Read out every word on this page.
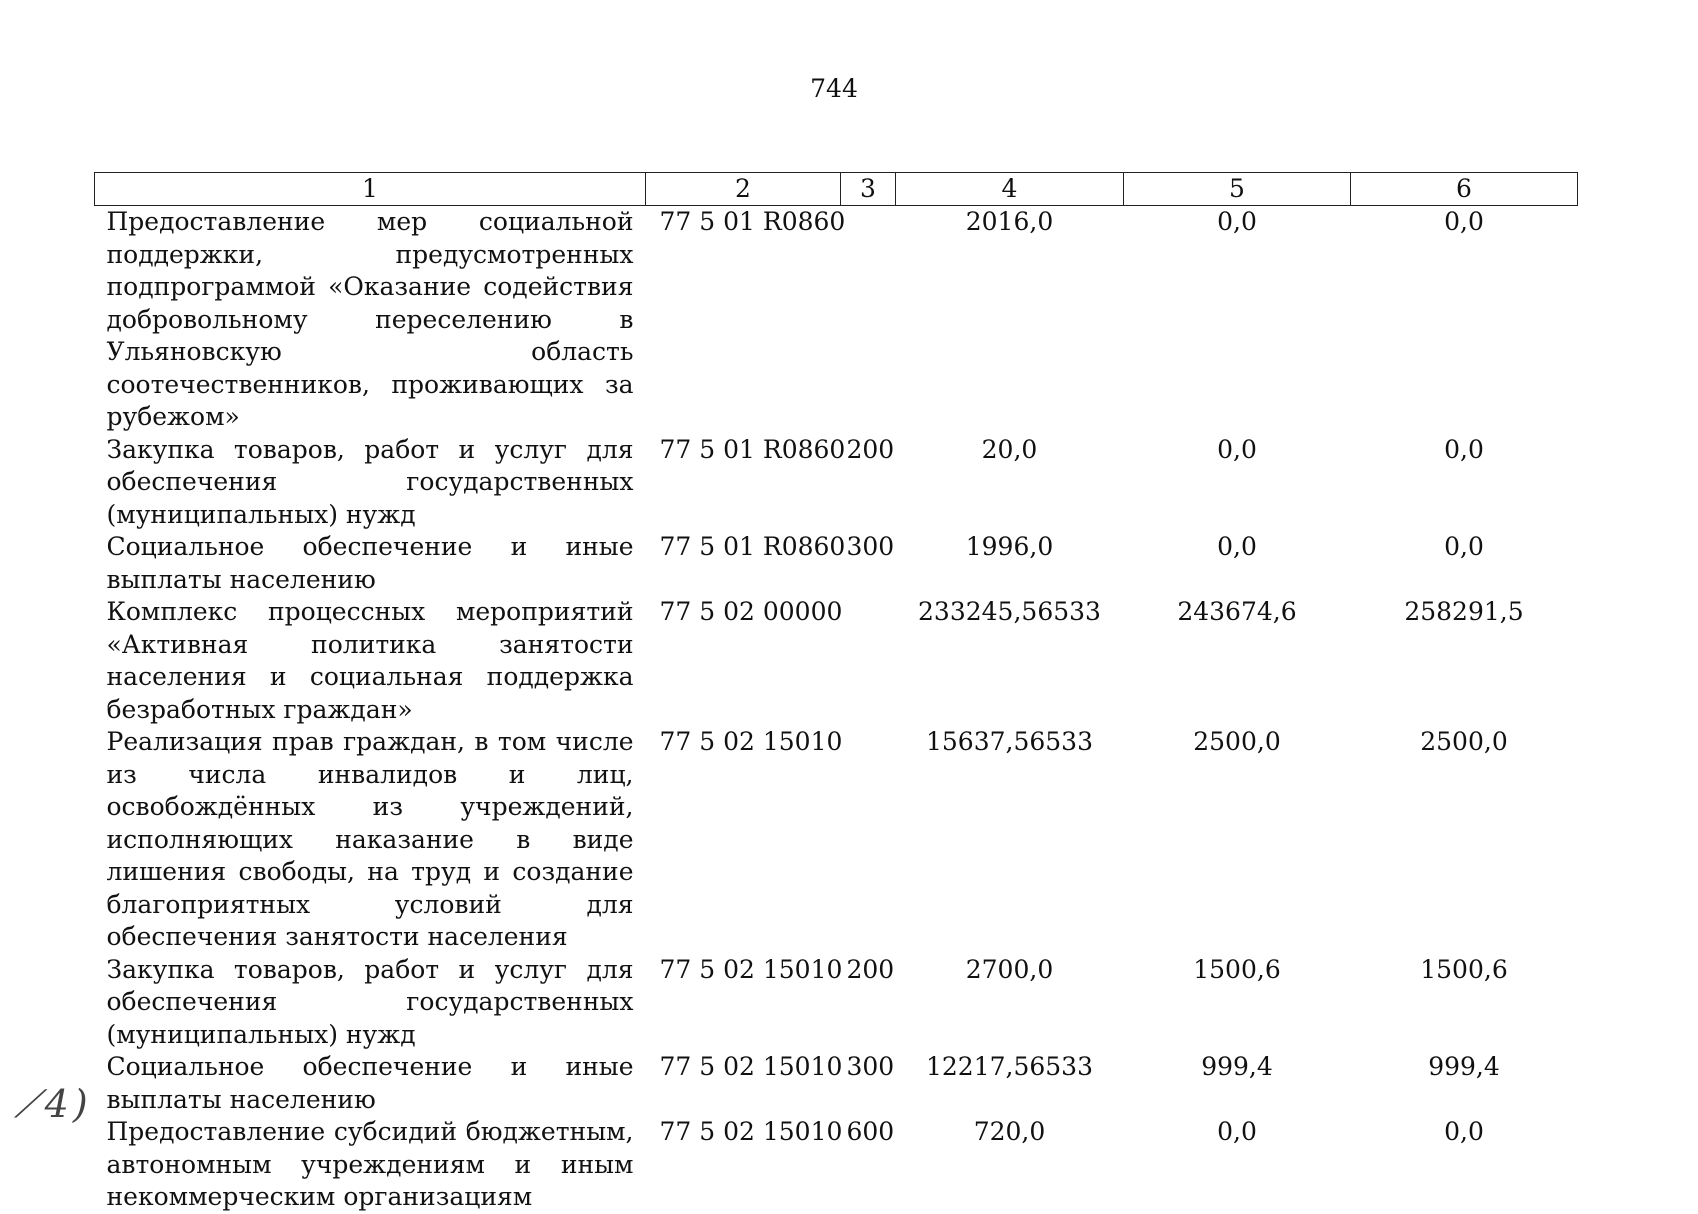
744
1	2	3	4	5	6
Предоставление мер социальной поддержки, предусмотренных подпрограммой «Оказание содействия добровольному переселению в Ульяновскую область соотечественников, проживающих за рубежом»	77 5 01 R0860		2016,0	0,0	0,0
Закупка товаров, работ и услуг для обеспечения государственных (муниципальных) нужд	77 5 01 R0860	200	20,0	0,0	0,0
Социальное обеспечение и иные выплаты населению	77 5 01 R0860	300	1996,0	0,0	0,0
Комплекс процессных мероприятий «Активная политика занятости населения и социальная поддержка безработных граждан»	77 5 02 00000		233245,56533	243674,6	258291,5
Реализация прав граждан, в том числе из числа инвалидов и лиц, освобождённых из учреждений, исполняющих наказание в виде лишения свободы, на труд и создание благоприятных условий для обеспечения занятости населения	77 5 02 15010		15637,56533	2500,0	2500,0
Закупка товаров, работ и услуг для обеспечения государственных (муниципальных) нужд	77 5 02 15010	200	2700,0	1500,6	1500,6
Социальное обеспечение и иные выплаты населению	77 5 02 15010	300	12217,56533	999,4	999,4
Предоставление субсидий бюджетным, автономным учреждениям и иным некоммерческим организациям	77 5 02 15010	600	720,0	0,0	0,0
⟋ 4 )
